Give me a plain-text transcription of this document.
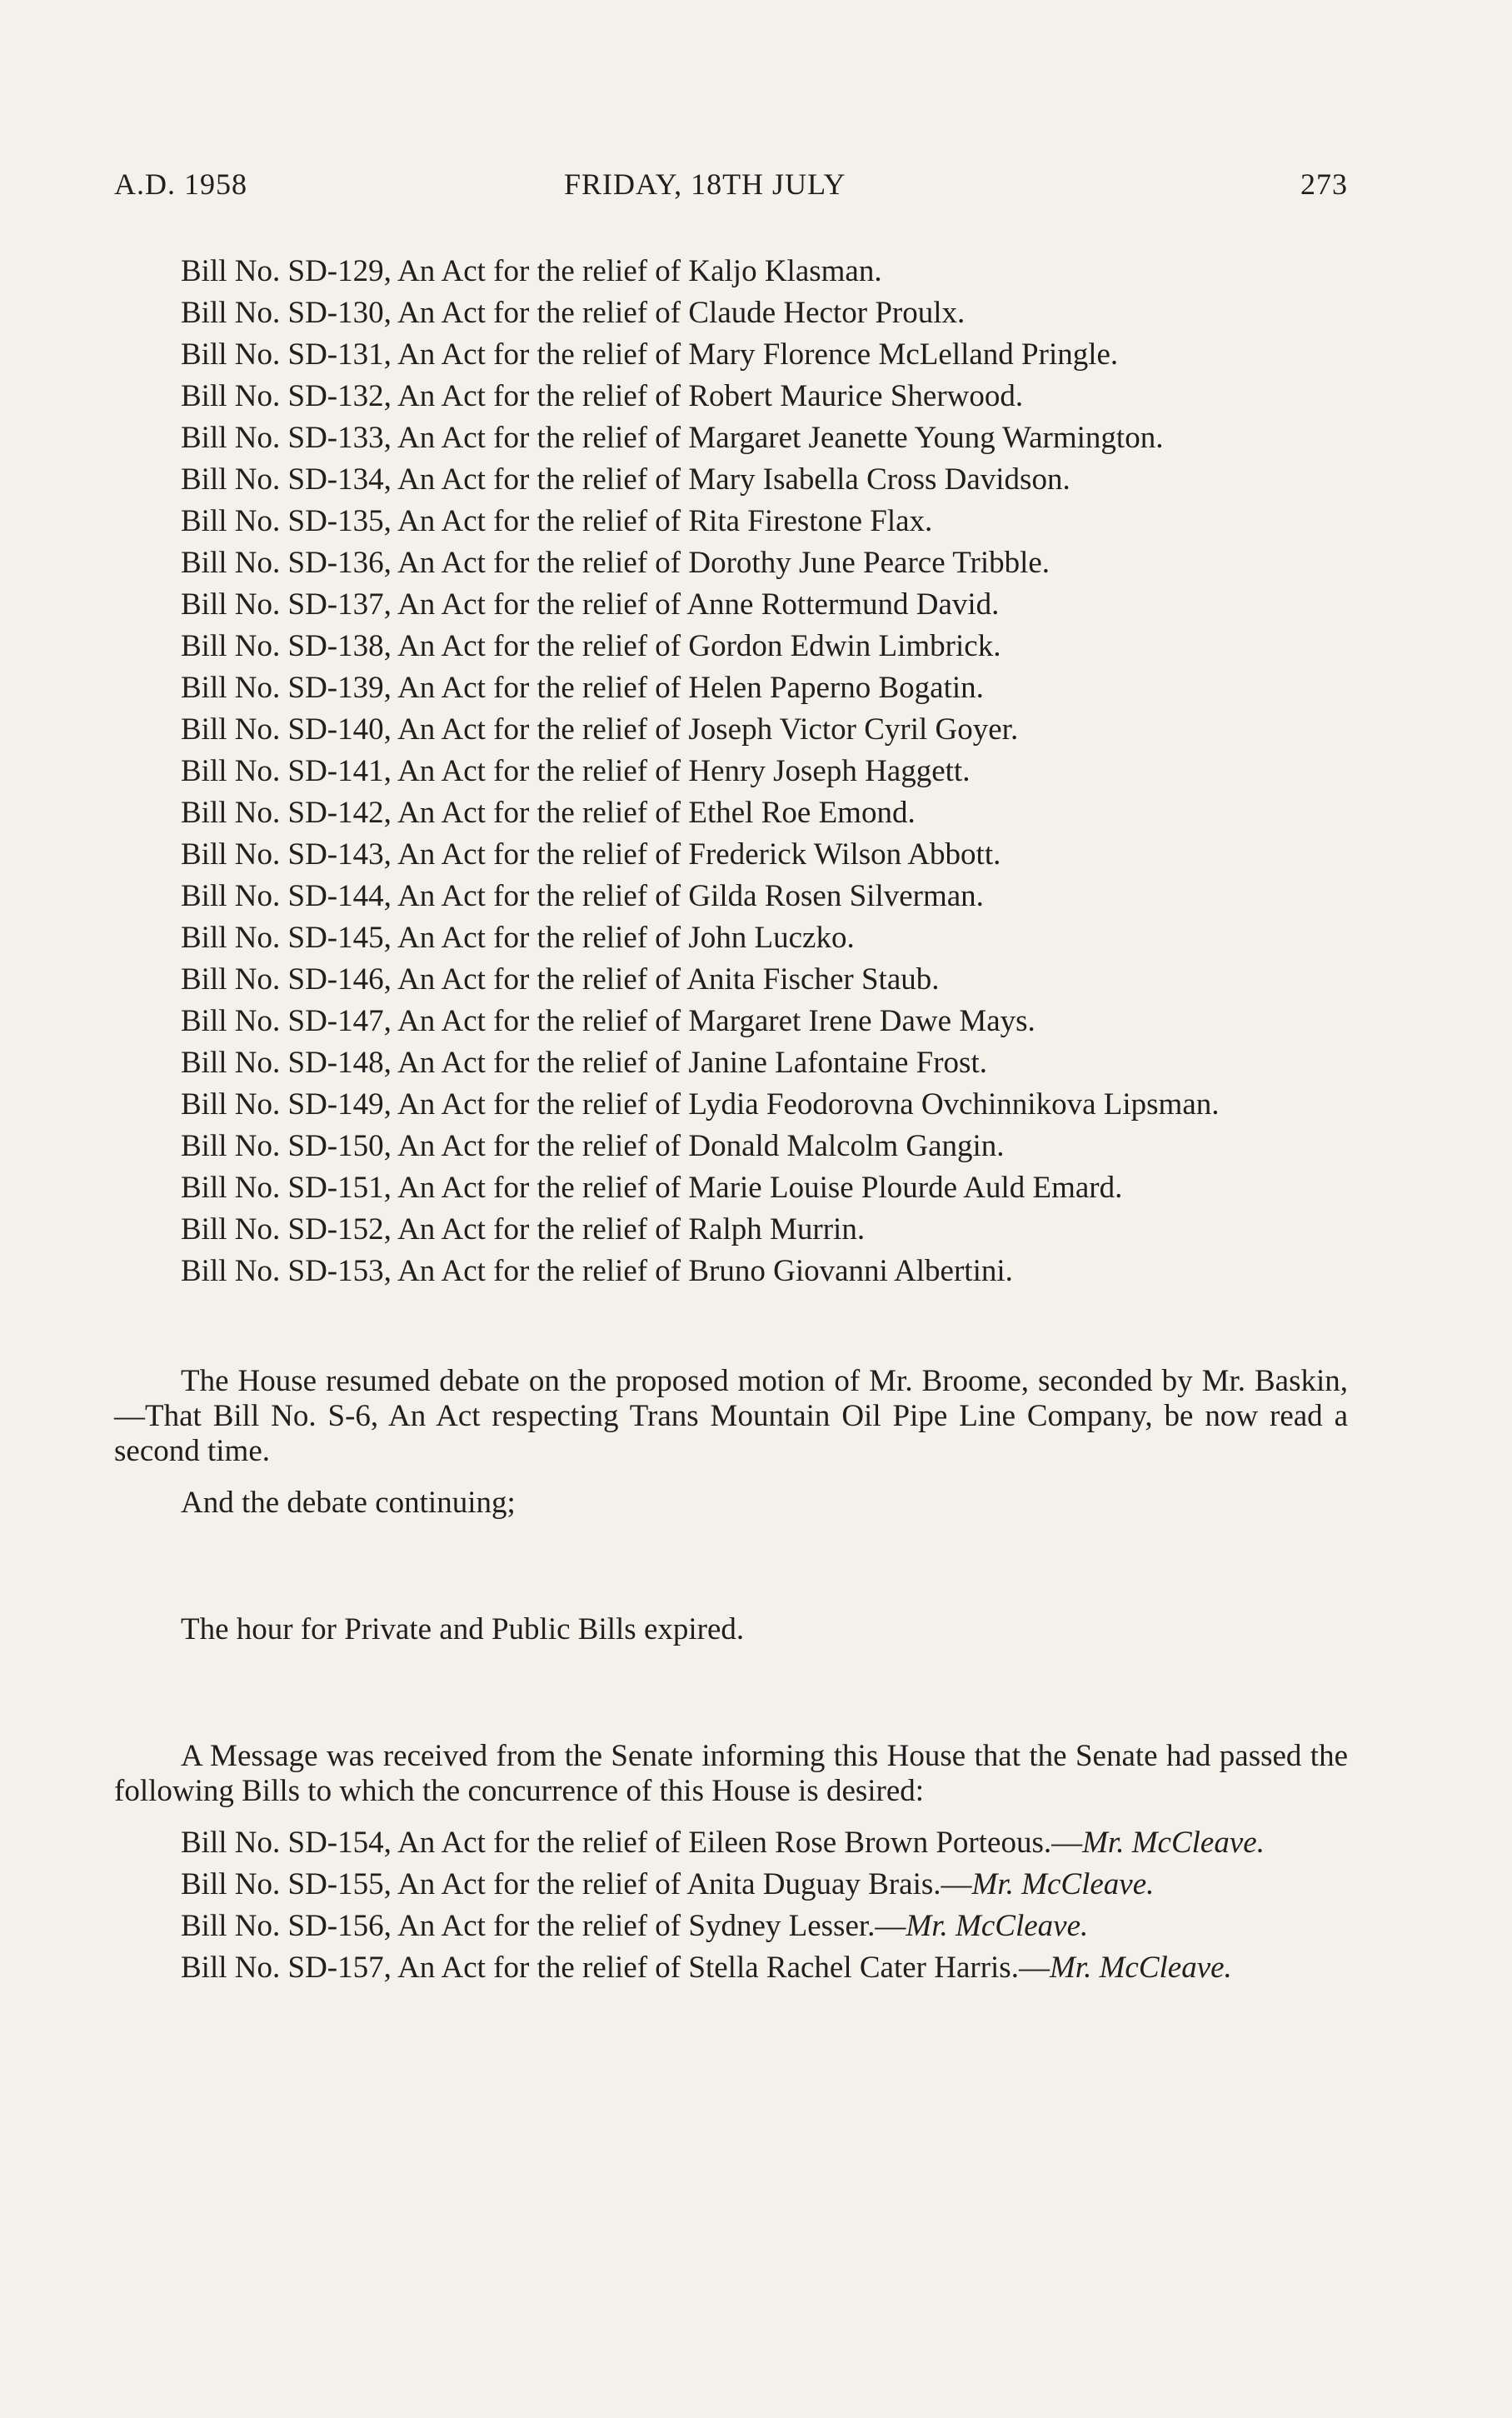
A.D. 1958	FRIDAY, 18TH JULY	273

Bill No. SD-129, An Act for the relief of Kaljo Klasman.

Bill No. SD-130, An Act for the relief of Claude Hector Proulx.

Bill No. SD-131, An Act for the relief of Mary Florence McLelland Pringle.

Bill No. SD-132, An Act for the relief of Robert Maurice Sherwood.

Bill No. SD-133, An Act for the relief of Margaret Jeanette Young Warmington.

Bill No. SD-134, An Act for the relief of Mary Isabella Cross Davidson.

Bill No. SD-135, An Act for the relief of Rita Firestone Flax.

Bill No. SD-136, An Act for the relief of Dorothy June Pearce Tribble.

Bill No. SD-137, An Act for the relief of Anne Rottermund David.

Bill No. SD-138, An Act for the relief of Gordon Edwin Limbrick.

Bill No. SD-139, An Act for the relief of Helen Paperno Bogatin.

Bill No. SD-140, An Act for the relief of Joseph Victor Cyril Goyer.

Bill No. SD-141, An Act for the relief of Henry Joseph Haggett.

Bill No. SD-142, An Act for the relief of Ethel Roe Emond.

Bill No. SD-143, An Act for the relief of Frederick Wilson Abbott.

Bill No. SD-144, An Act for the relief of Gilda Rosen Silverman.

Bill No. SD-145, An Act for the relief of John Luczko.

Bill No. SD-146, An Act for the relief of Anita Fischer Staub.

Bill No. SD-147, An Act for the relief of Margaret Irene Dawe Mays.

Bill No. SD-148, An Act for the relief of Janine Lafontaine Frost.

Bill No. SD-149, An Act for the relief of Lydia Feodorovna Ovchinnikova Lipsman.

Bill No. SD-150, An Act for the relief of Donald Malcolm Gangin.

Bill No. SD-151, An Act for the relief of Marie Louise Plourde Auld Emard.

Bill No. SD-152, An Act for the relief of Ralph Murrin.

Bill No. SD-153, An Act for the relief of Bruno Giovanni Albertini.

The House resumed debate on the proposed motion of Mr. Broome, seconded by Mr. Baskin,—That Bill No. S-6, An Act respecting Trans Mountain Oil Pipe Line Company, be now read a second time.

And the debate continuing;

The hour for Private and Public Bills expired.

A Message was received from the Senate informing this House that the Senate had passed the following Bills to which the concurrence of this House is desired:

Bill No. SD-154, An Act for the relief of Eileen Rose Brown Porteous.—Mr. McCleave.

Bill No. SD-155, An Act for the relief of Anita Duguay Brais.—Mr. McCleave.

Bill No. SD-156, An Act for the relief of Sydney Lesser.—Mr. McCleave.

Bill No. SD-157, An Act for the relief of Stella Rachel Cater Harris.—Mr. McCleave.
